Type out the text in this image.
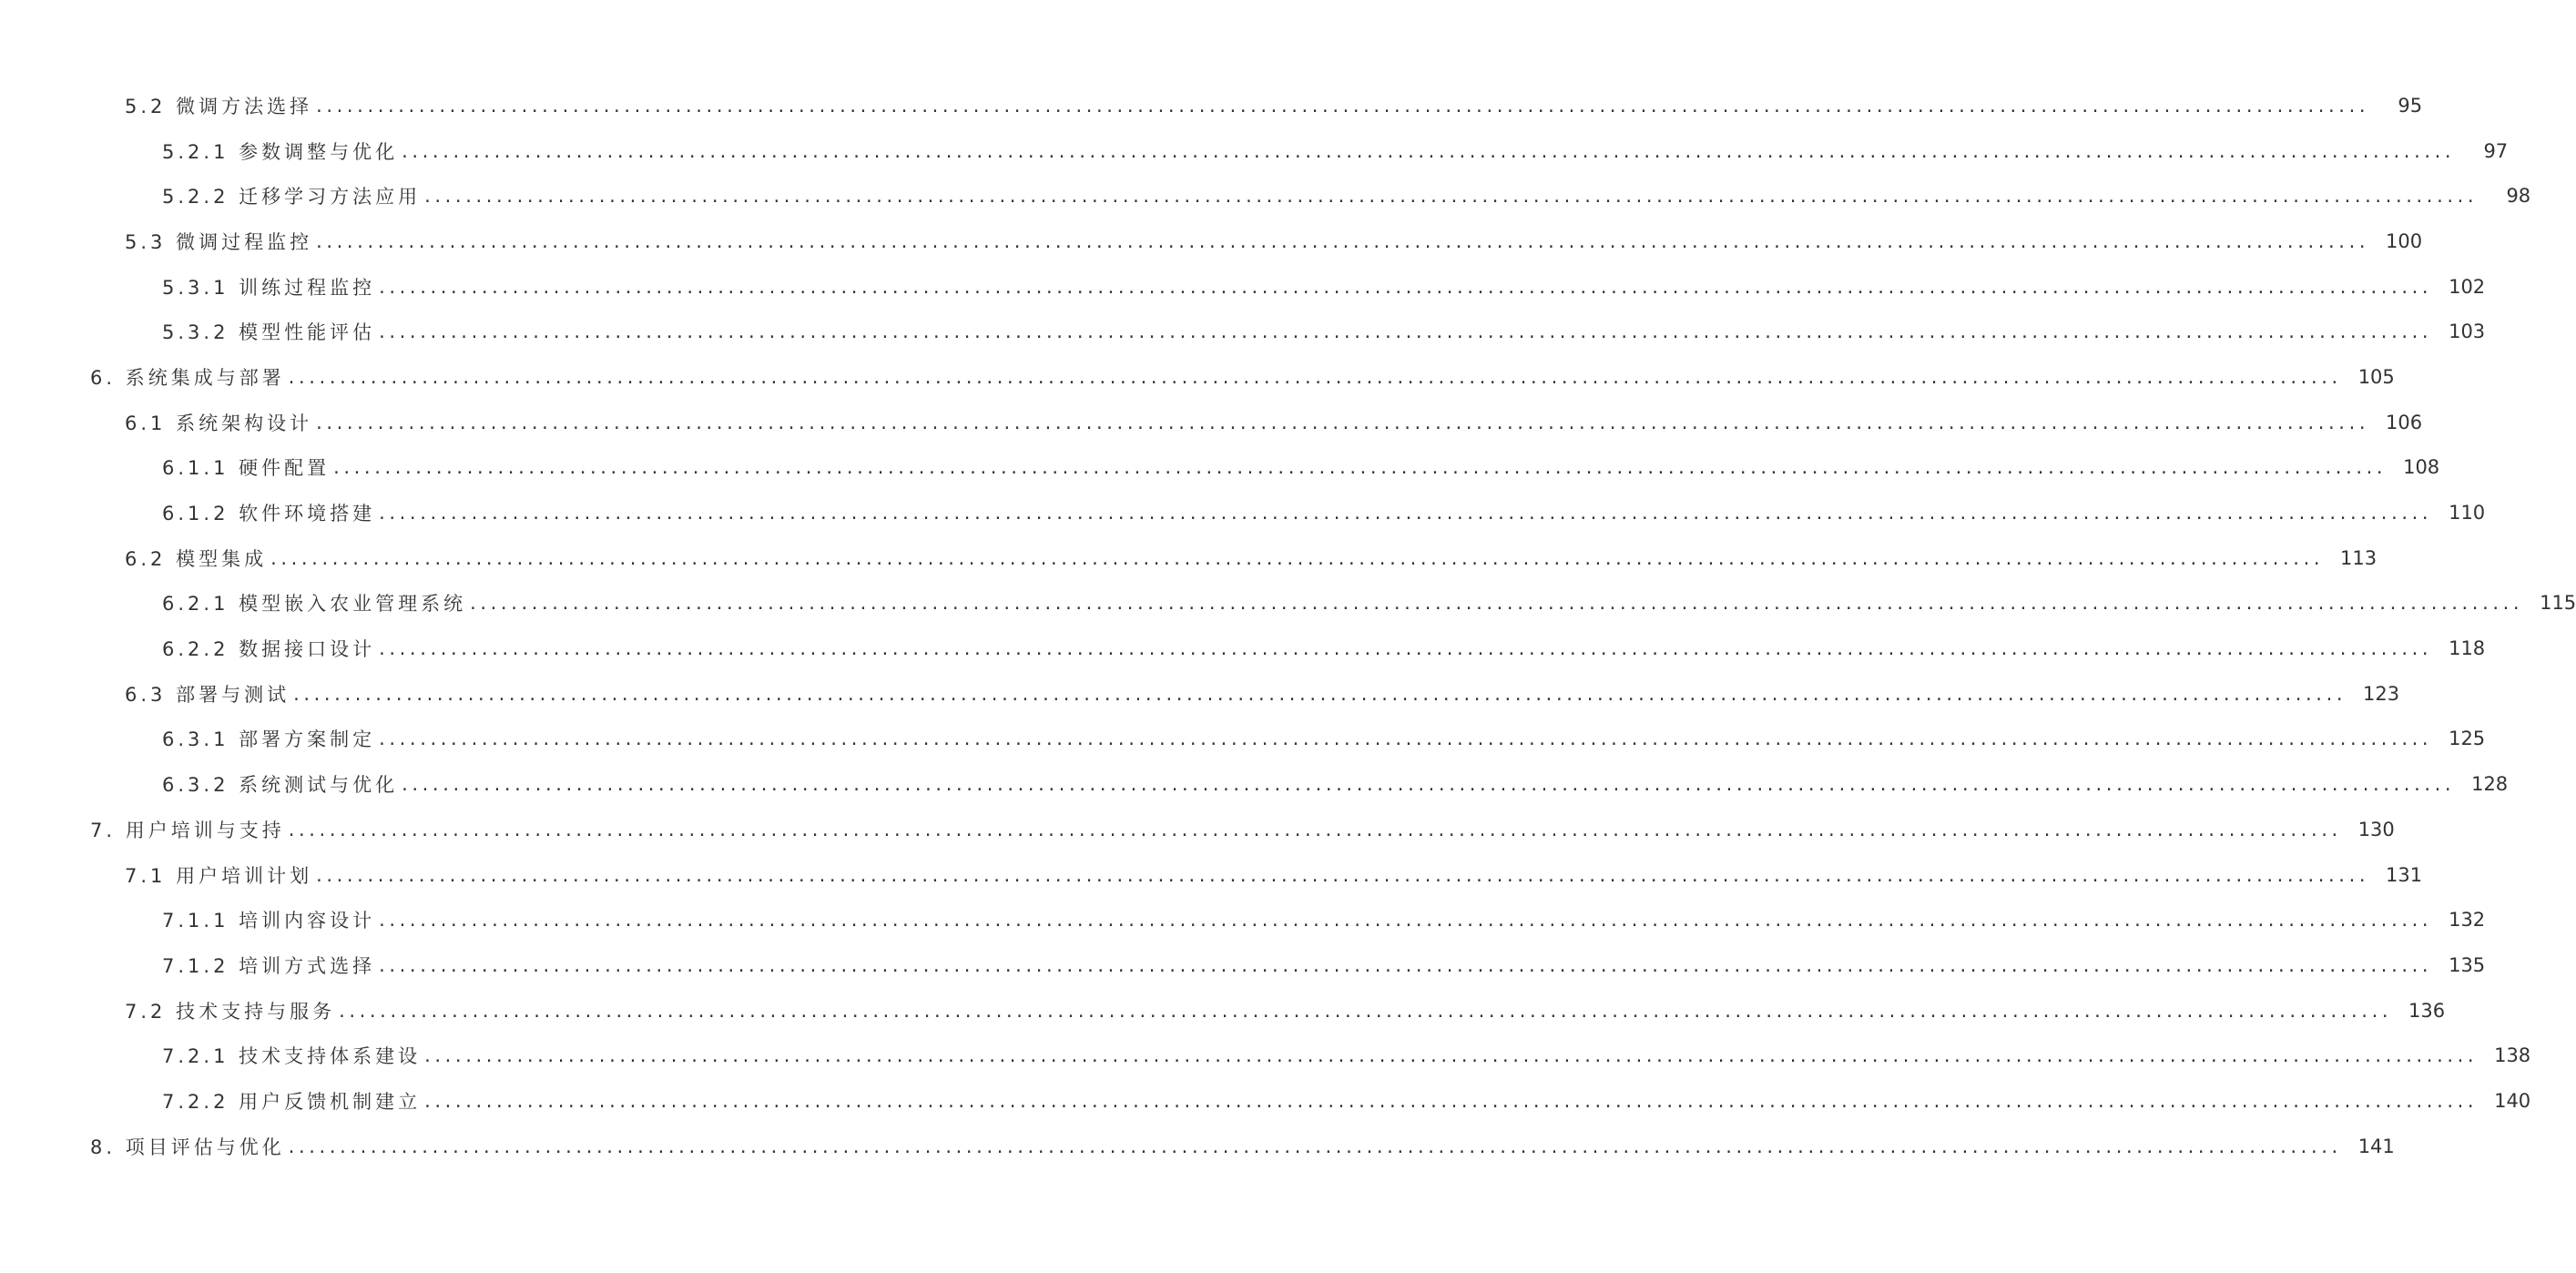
5.2 微调方法选择 ........................................................................................................................................................................................................	95
5.2.1 参数调整与优化 ........................................................................................................................................................................................................	97
5.2.2 迁移学习方法应用 ........................................................................................................................................................................................................	98
5.3 微调过程监控 ........................................................................................................................................................................................................ 100
5.3.1 训练过程监控 ........................................................................................................................................................................................................ 102
5.3.2 模型性能评估 ........................................................................................................................................................................................................ 103
6. 系统集成与部署 ........................................................................................................................................................................................................ 105
6.1 系统架构设计 ........................................................................................................................................................................................................ 106
6.1.1 硬件配置 ........................................................................................................................................................................................................ 108
6.1.2 软件环境搭建 ........................................................................................................................................................................................................ 110
6.2 模型集成 ........................................................................................................................................................................................................ 113
6.2.1 模型嵌入农业管理系统 ........................................................................................................................................................................................................ 115
6.2.2 数据接口设计 ........................................................................................................................................................................................................ 118
6.3 部署与测试 ........................................................................................................................................................................................................ 123
6.3.1 部署方案制定 ........................................................................................................................................................................................................ 125
6.3.2 系统测试与优化 ........................................................................................................................................................................................................ 128
7. 用户培训与支持 ........................................................................................................................................................................................................ 130
7.1 用户培训计划 ........................................................................................................................................................................................................ 131
7.1.1 培训内容设计 ........................................................................................................................................................................................................ 132
7.1.2 培训方式选择 ........................................................................................................................................................................................................ 135
7.2 技术支持与服务 ........................................................................................................................................................................................................ 136
7.2.1 技术支持体系建设 ........................................................................................................................................................................................................ 138
7.2.2 用户反馈机制建立 ........................................................................................................................................................................................................ 140
8. 项目评估与优化 ........................................................................................................................................................................................................ 141
